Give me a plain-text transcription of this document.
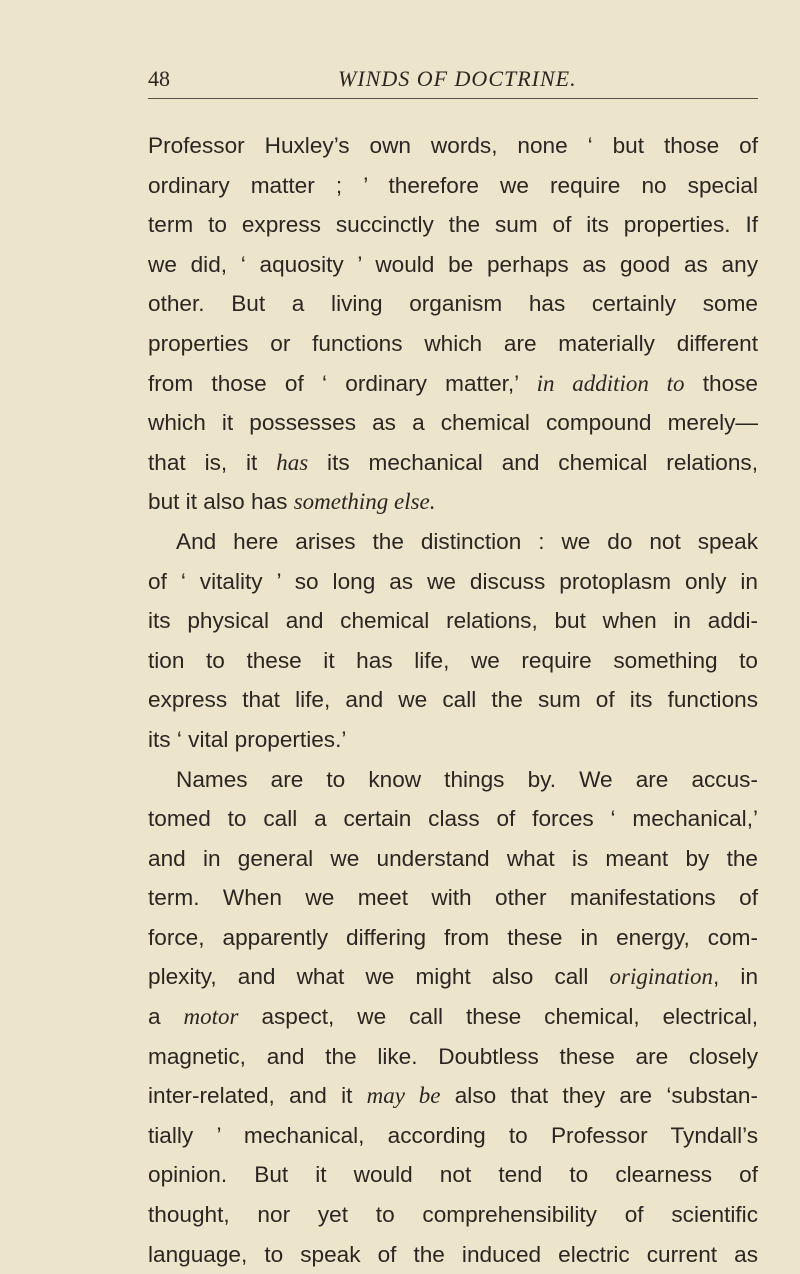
48	WINDS OF DOCTRINE.
Professor Huxley’s own words, none ‘ but those of
ordinary matter ; ’ therefore we require no special
term to express succinctly the sum of its properties. If
we did, ‘ aquosity ’ would be perhaps as good as any
other. But a living organism has certainly some
properties or functions which are materially different
from those of ‘ ordinary matter,’ in addition to those
which it possesses as a chemical compound merely—
that is, it has its mechanical and chemical relations,
but it also has something else.
And here arises the distinction : we do not speak
of ‘ vitality ’ so long as we discuss protoplasm only in
its physical and chemical relations, but when in addi-
tion to these it has life, we require something to
express that life, and we call the sum of its functions
its ‘ vital properties.’
Names are to know things by. We are accus-
tomed to call a certain class of forces ‘ mechanical,’
and in general we understand what is meant by the
term. When we meet with other manifestations of
force, apparently differing from these in energy, com-
plexity, and what we might also call origination, in
a motor aspect, we call these chemical, electrical,
magnetic, and the like. Doubtless these are closely
inter-related, and it may be also that they are ‘substan-
tially ’ mechanical, according to Professor Tyndall’s
opinion. But it would not tend to clearness of
thought, nor yet to comprehensibility of scientific
language, to speak of the induced electric current as
